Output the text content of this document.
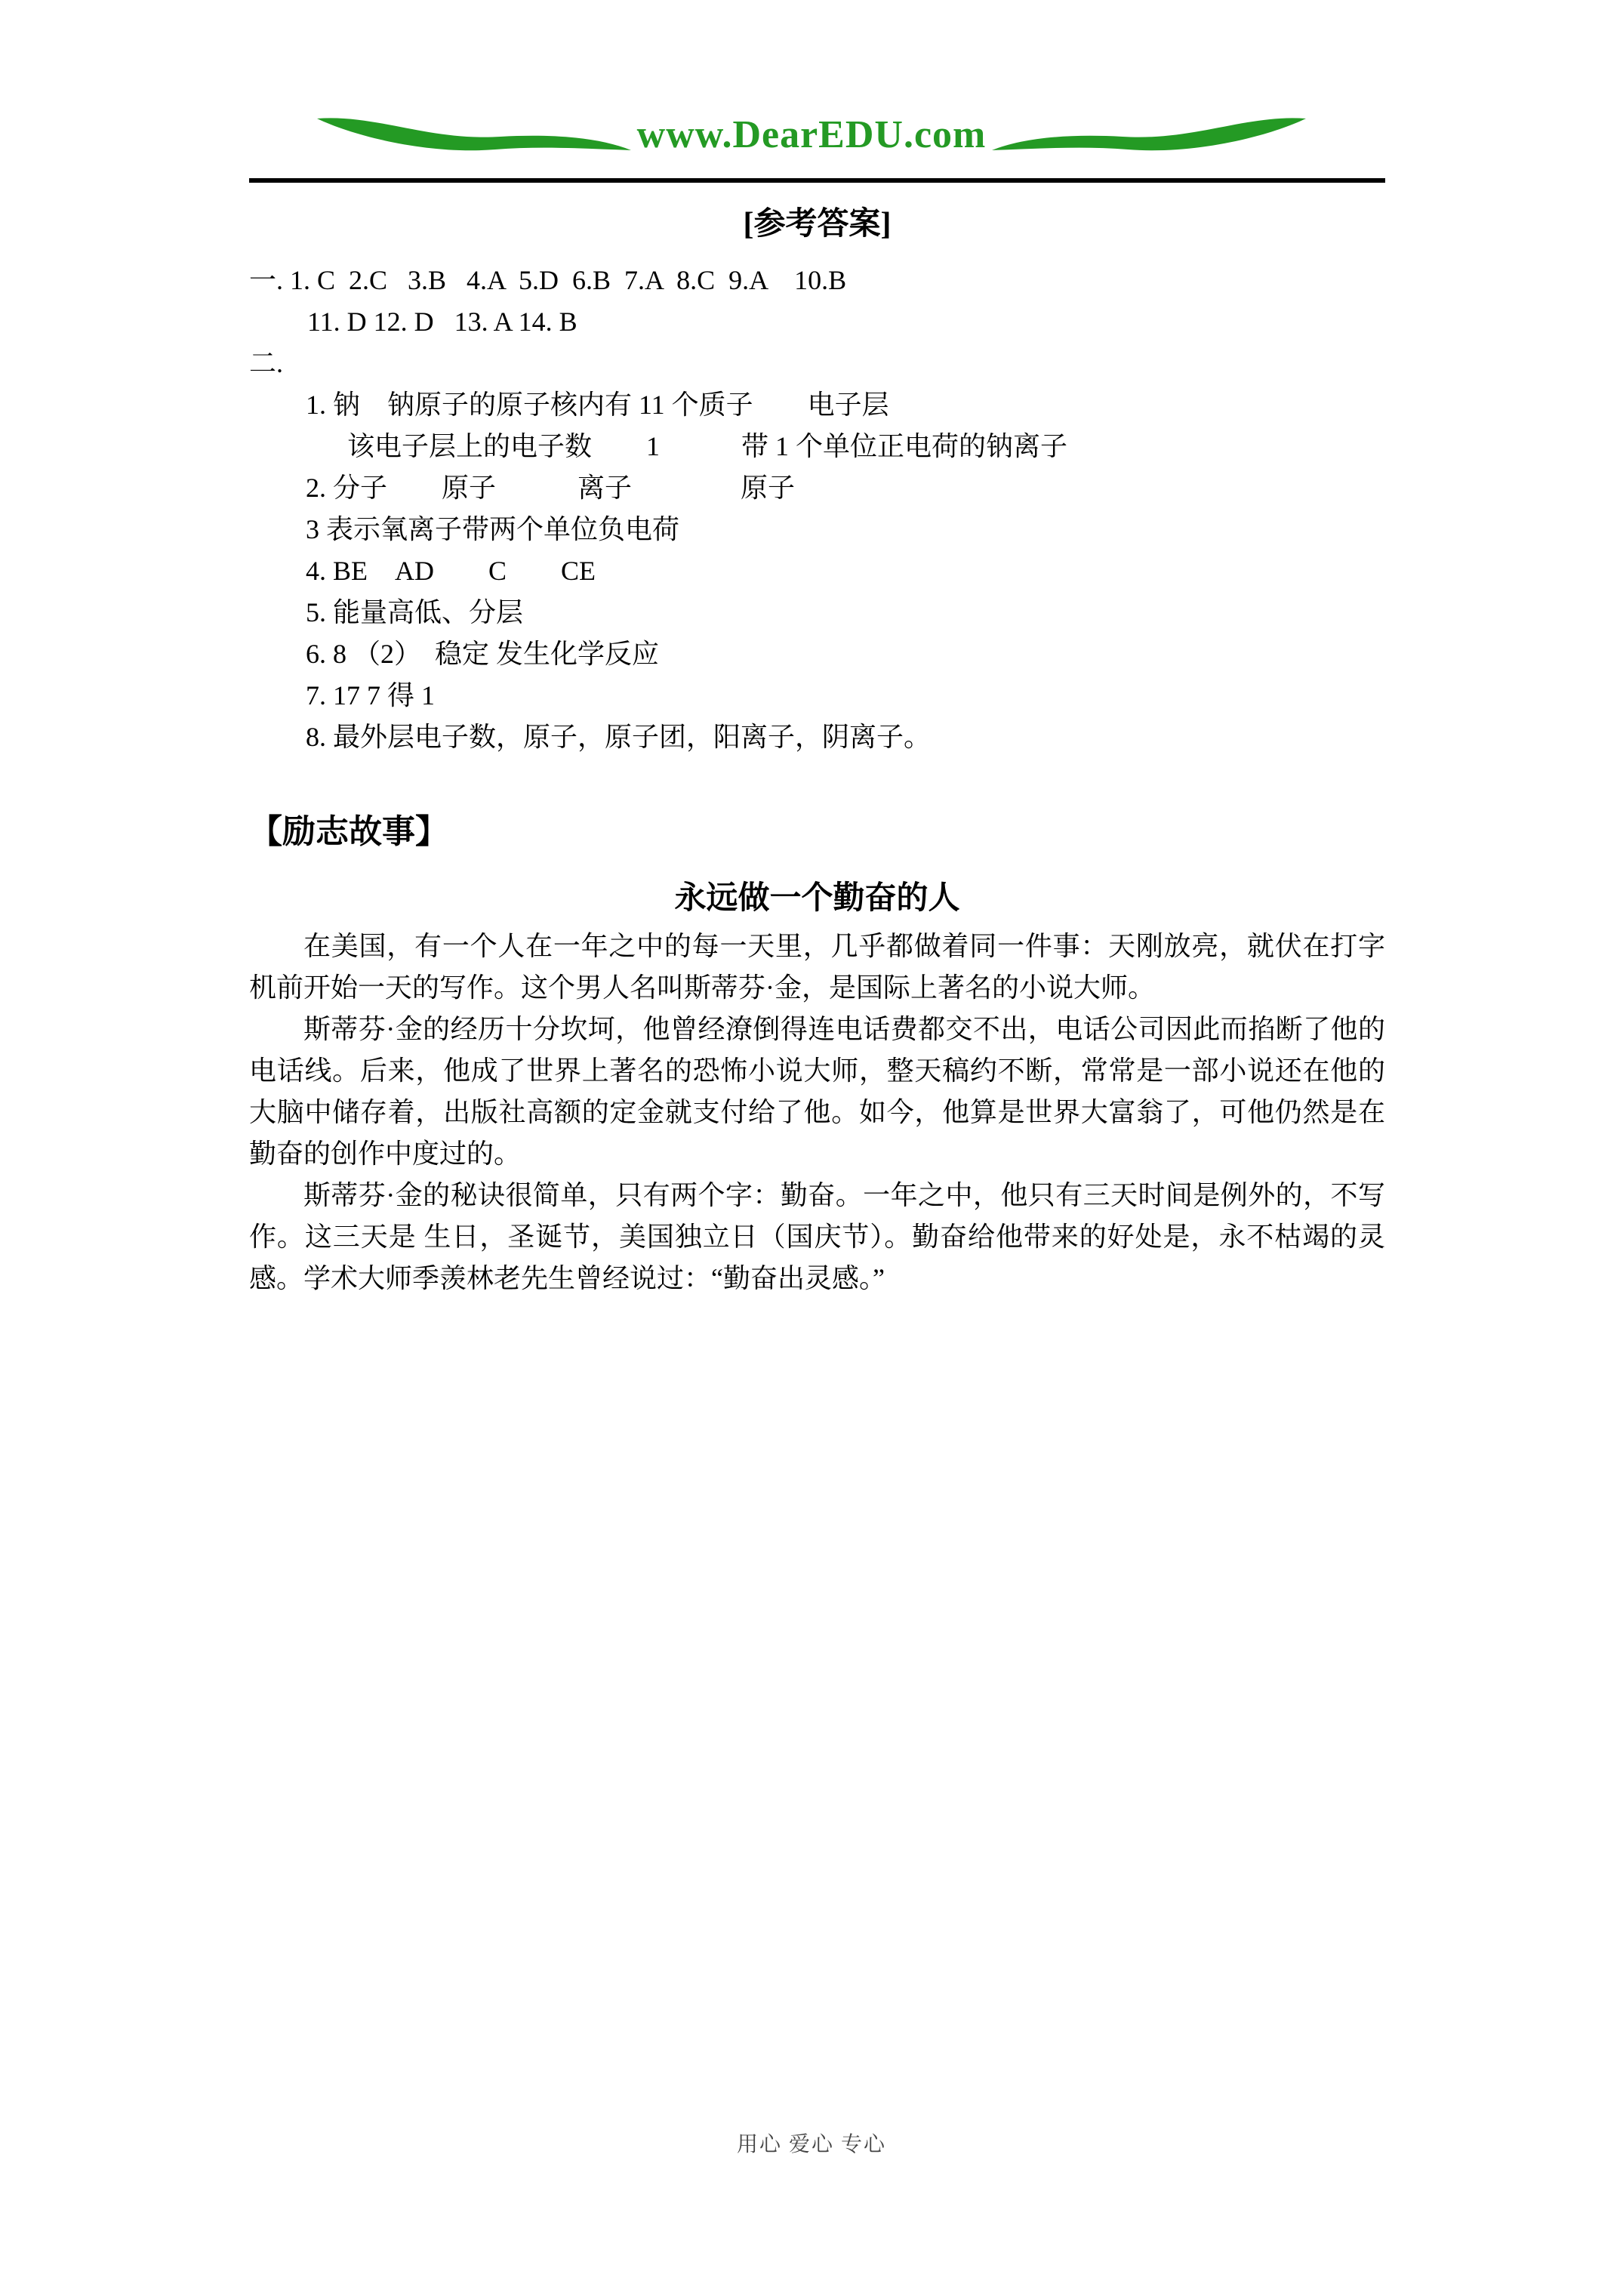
www.DearEDU.com
[参考答案]
一. 1. C  2.C   3.B   4.A  5.D  6.B  7.A  8.C  9.A    10.B
11. D 12. D   13. A 14. B
二.
1. 钠　钠原子的原子核内有 11 个质子　　电子层
该电子层上的电子数　　1　　　带 1 个单位正电荷的钠离子
2. 分子　　原子　　　离子　　　　原子
3 表示氧离子带两个单位负电荷
4. BE　AD　　C　　CE
5. 能量高低、分层
6. 8 （2）　稳定 发生化学反应
7. 17 7 得 1
8. 最外层电子数，原子，原子团，阳离子，阴离子。
【励志故事】
永远做一个勤奋的人

在美国，有一个人在一年之中的每一天里，几乎都做着同一件事：天刚放亮，就伏在打字机前开始一天的写作。这个男人名叫斯蒂芬·金，是国际上著名的小说大师。

斯蒂芬·金的经历十分坎坷，他曾经潦倒得连电话费都交不出，电话公司因此而掐断了他的电话线。后来，他成了世界上著名的恐怖小说大师，整天稿约不断，常常是一部小说还在他的大脑中储存着，出版社高额的定金就支付给了他。如今，他算是世界大富翁了，可他仍然是在勤奋的创作中度过的。

斯蒂芬·金的秘诀很简单，只有两个字：勤奋。一年之中，他只有三天时间是例外的，不写作。这三天是 生日，圣诞节，美国独立日（国庆节）。勤奋给他带来的好处是，永不枯竭的灵感。学术大师季羡林老先生曾经说过：“勤奋出灵感。”

用心 爱心 专心
